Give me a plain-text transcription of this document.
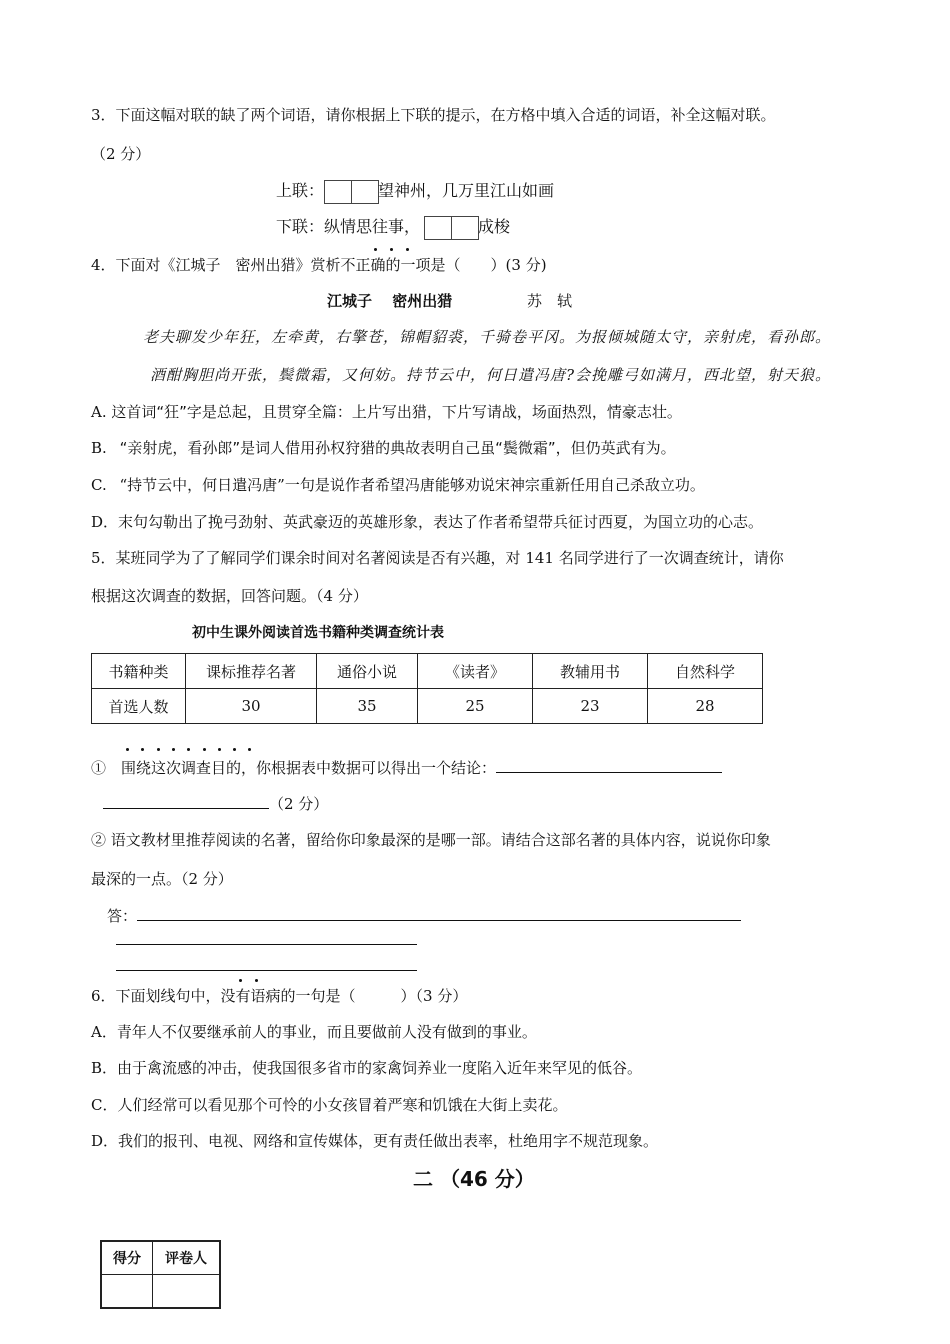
3．下面这幅对联的缺了两个词语，请你根据上下联的提示，在方格中填入合适的词语，补全这幅对联。
（2 分）
上联：	望神州，几万里江山如画
下联：纵情思往事，	成梭
4．下面对《江城子　密州出猎》赏析不正确的一项是（　　）(3 分)
江城子　 密州出猎	苏　轼
老夫聊发少年狂，左牵黄，右擎苍，锦帽貂裘，千骑卷平冈。为报倾城随太守，亲射虎，看孙郎。
酒酣胸胆尚开张，鬓微霜，又何妨。持节云中，何日遣冯唐?会挽雕弓如满月，西北望，射天狼。
A. 这首词“狂”字是总起，且贯穿全篇：上片写出猎，下片写请战，场面热烈，情豪志壮。
B. “亲射虎，看孙郎”是词人借用孙权狩猎的典故表明自己虽“鬓微霜”，但仍英武有为。
C. “持节云中，何日遣冯唐”一句是说作者希望冯唐能够劝说宋神宗重新任用自己杀敌立功。
D．末句勾勒出了挽弓劲射、英武豪迈的英雄形象，表达了作者希望带兵征讨西夏，为国立功的心志。
5．某班同学为了了解同学们课余时间对名著阅读是否有兴趣，对 141 名同学进行了一次调查统计，请你
根据这次调查的数据，回答问题。（4 分）
初中生课外阅读首选书籍种类调查统计表
书籍种类	课标推荐名著	通俗小说	《读者》	教辅用书	自然科学
首选人数	30	35	25	23	28
①　围绕这次调查目的，你根据表中数据可以得出一个结论：
（2 分）
② 语文教材里推荐阅读的名著，留给你印象最深的是哪一部。请结合这部名著的具体内容，说说你印象
最深的一点。（2 分）
答：
6．下面划线句中，没有语病的一句是（　　　）（3 分）
A．青年人不仅要继承前人的事业，而且要做前人没有做到的事业。
B．由于禽流感的冲击，使我国很多省市的家禽饲养业一度陷入近年来罕见的低谷。
C．人们经常可以看见那个可怜的小女孩冒着严寒和饥饿在大街上卖花。
D．我们的报刊、电视、网络和宣传媒体，更有责任做出表率，杜绝用字不规范现象。
二 （46 分）
得分	评卷人
